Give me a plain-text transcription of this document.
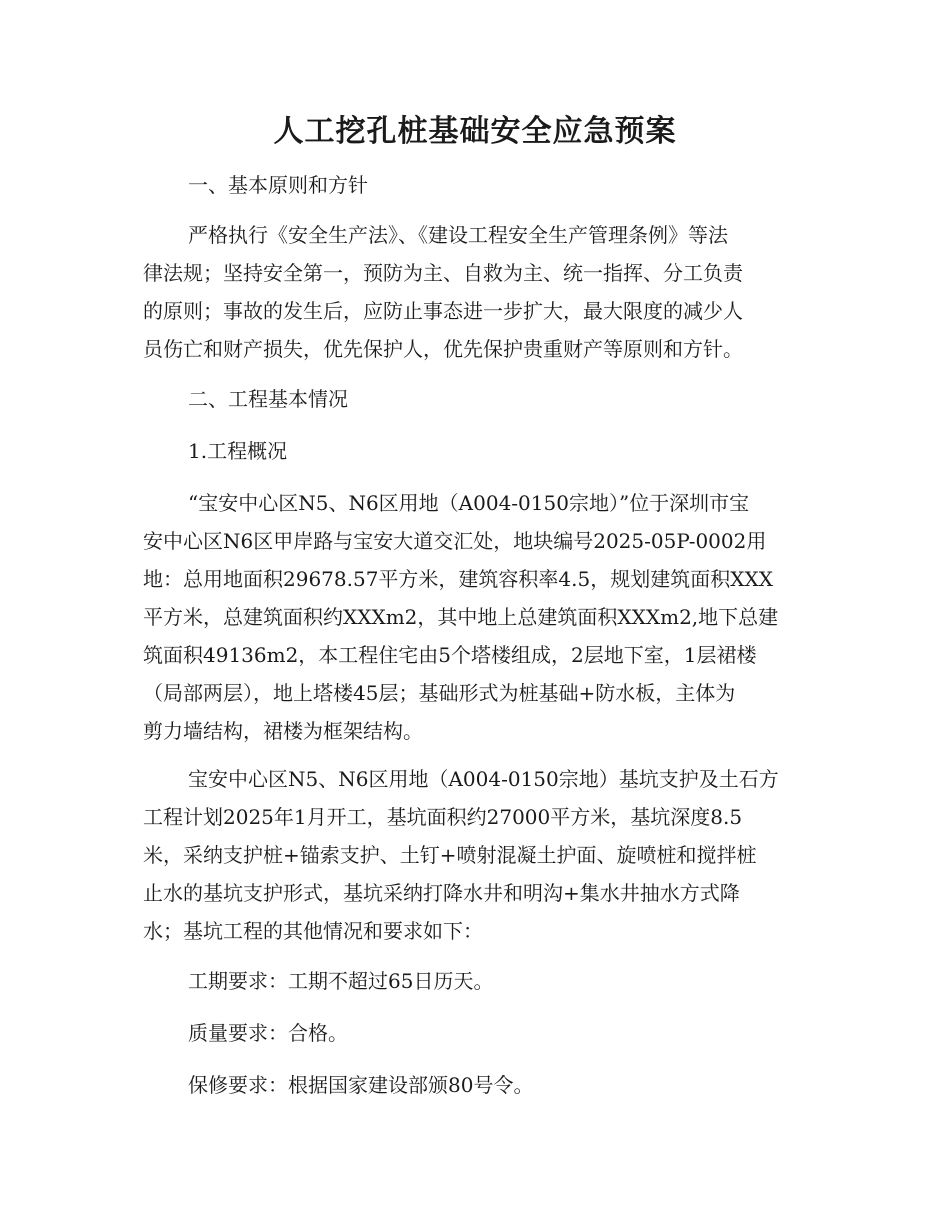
人工挖孔桩基础安全应急预案

一、基本原则和方针

严格执行《安全生产法》、《建设工程安全生产管理条例》等法
律法规；坚持安全第一，预防为主、自救为主、统一指挥、分工负责
的原则；事故的发生后，应防止事态进一步扩大，最大限度的减少人
员伤亡和财产损失，优先保护人，优先保护贵重财产等原则和方针。

二、工程基本情况

1.工程概况

“宝安中心区N5、N6区用地（A004-0150宗地）”位于深圳市宝
安中心区N6区甲岸路与宝安大道交汇处，地块编号2025-05P-0002用
地：总用地面积29678.57平方米，建筑容积率4.5，规划建筑面积XXX
平方米，总建筑面积约XXXm2，其中地上总建筑面积XXXm2,地下总建
筑面积49136m2，本工程住宅由5个塔楼组成，2层地下室，1层裙楼
（局部两层），地上塔楼45层；基础形式为桩基础+防水板，主体为
剪力墙结构，裙楼为框架结构。

宝安中心区N5、N6区用地（A004-0150宗地）基坑支护及土石方
工程计划2025年1月开工，基坑面积约27000平方米，基坑深度8.5
米，采纳支护桩+锚索支护、土钉+喷射混凝土护面、旋喷桩和搅拌桩
止水的基坑支护形式，基坑采纳打降水井和明沟+集水井抽水方式降
水；基坑工程的其他情况和要求如下：

工期要求：工期不超过65日历天。

质量要求：合格。

保修要求：根据国家建设部颁80号令。
